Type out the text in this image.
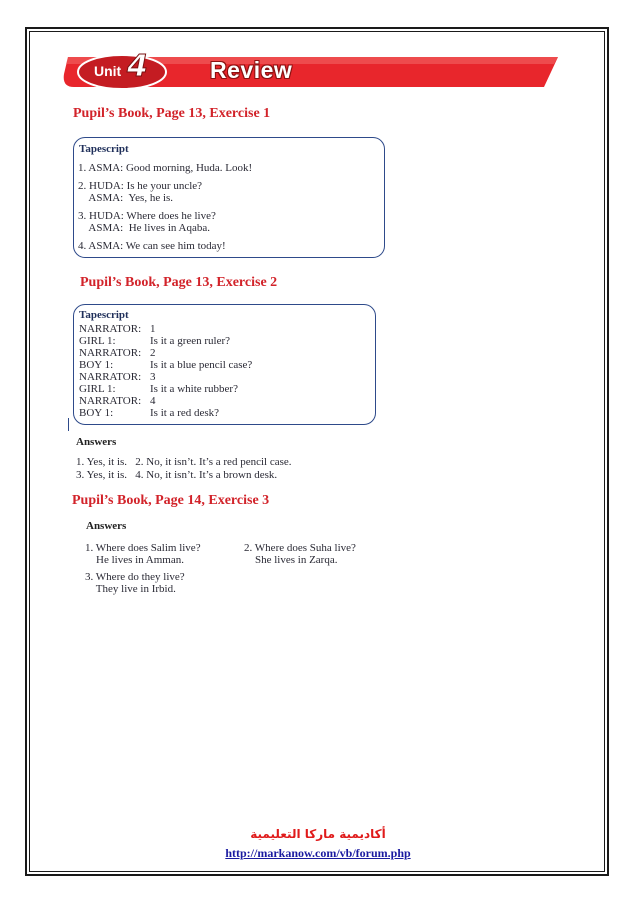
Unit 4	Review
Pupil’s Book, Page 13, Exercise 1
Tapescript
1. ASMA: Good morning, Huda. Look!
2. HUDA: Is he your uncle?
ASMA:  Yes, he is.
3. HUDA: Where does he live?
ASMA:  He lives in Aqaba.
4. ASMA: We can see him today!
Pupil’s Book, Page 13, Exercise 2
Tapescript
NARRATOR: 1
GIRL 1:	Is it a green ruler?
NARRATOR: 2
BOY 1:	Is it a blue pencil case?
NARRATOR: 3
GIRL 1:	Is it a white rubber?
NARRATOR: 4
BOY 1:	Is it a red desk?
Answers
1. Yes, it is.   2. No, it isn’t. It’s a red pencil case.
3. Yes, it is.   4. No, it isn’t. It’s a brown desk.
Pupil’s Book, Page 14, Exercise 3
Answers
1. Where does Salim live?
He lives in Amman.
3. Where do they live?
They live in Irbid.
2. Where does Suha live?
She lives in Zarqa.
أكاديمية ماركا التعليمية
http://markanow.com/vb/forum.php
